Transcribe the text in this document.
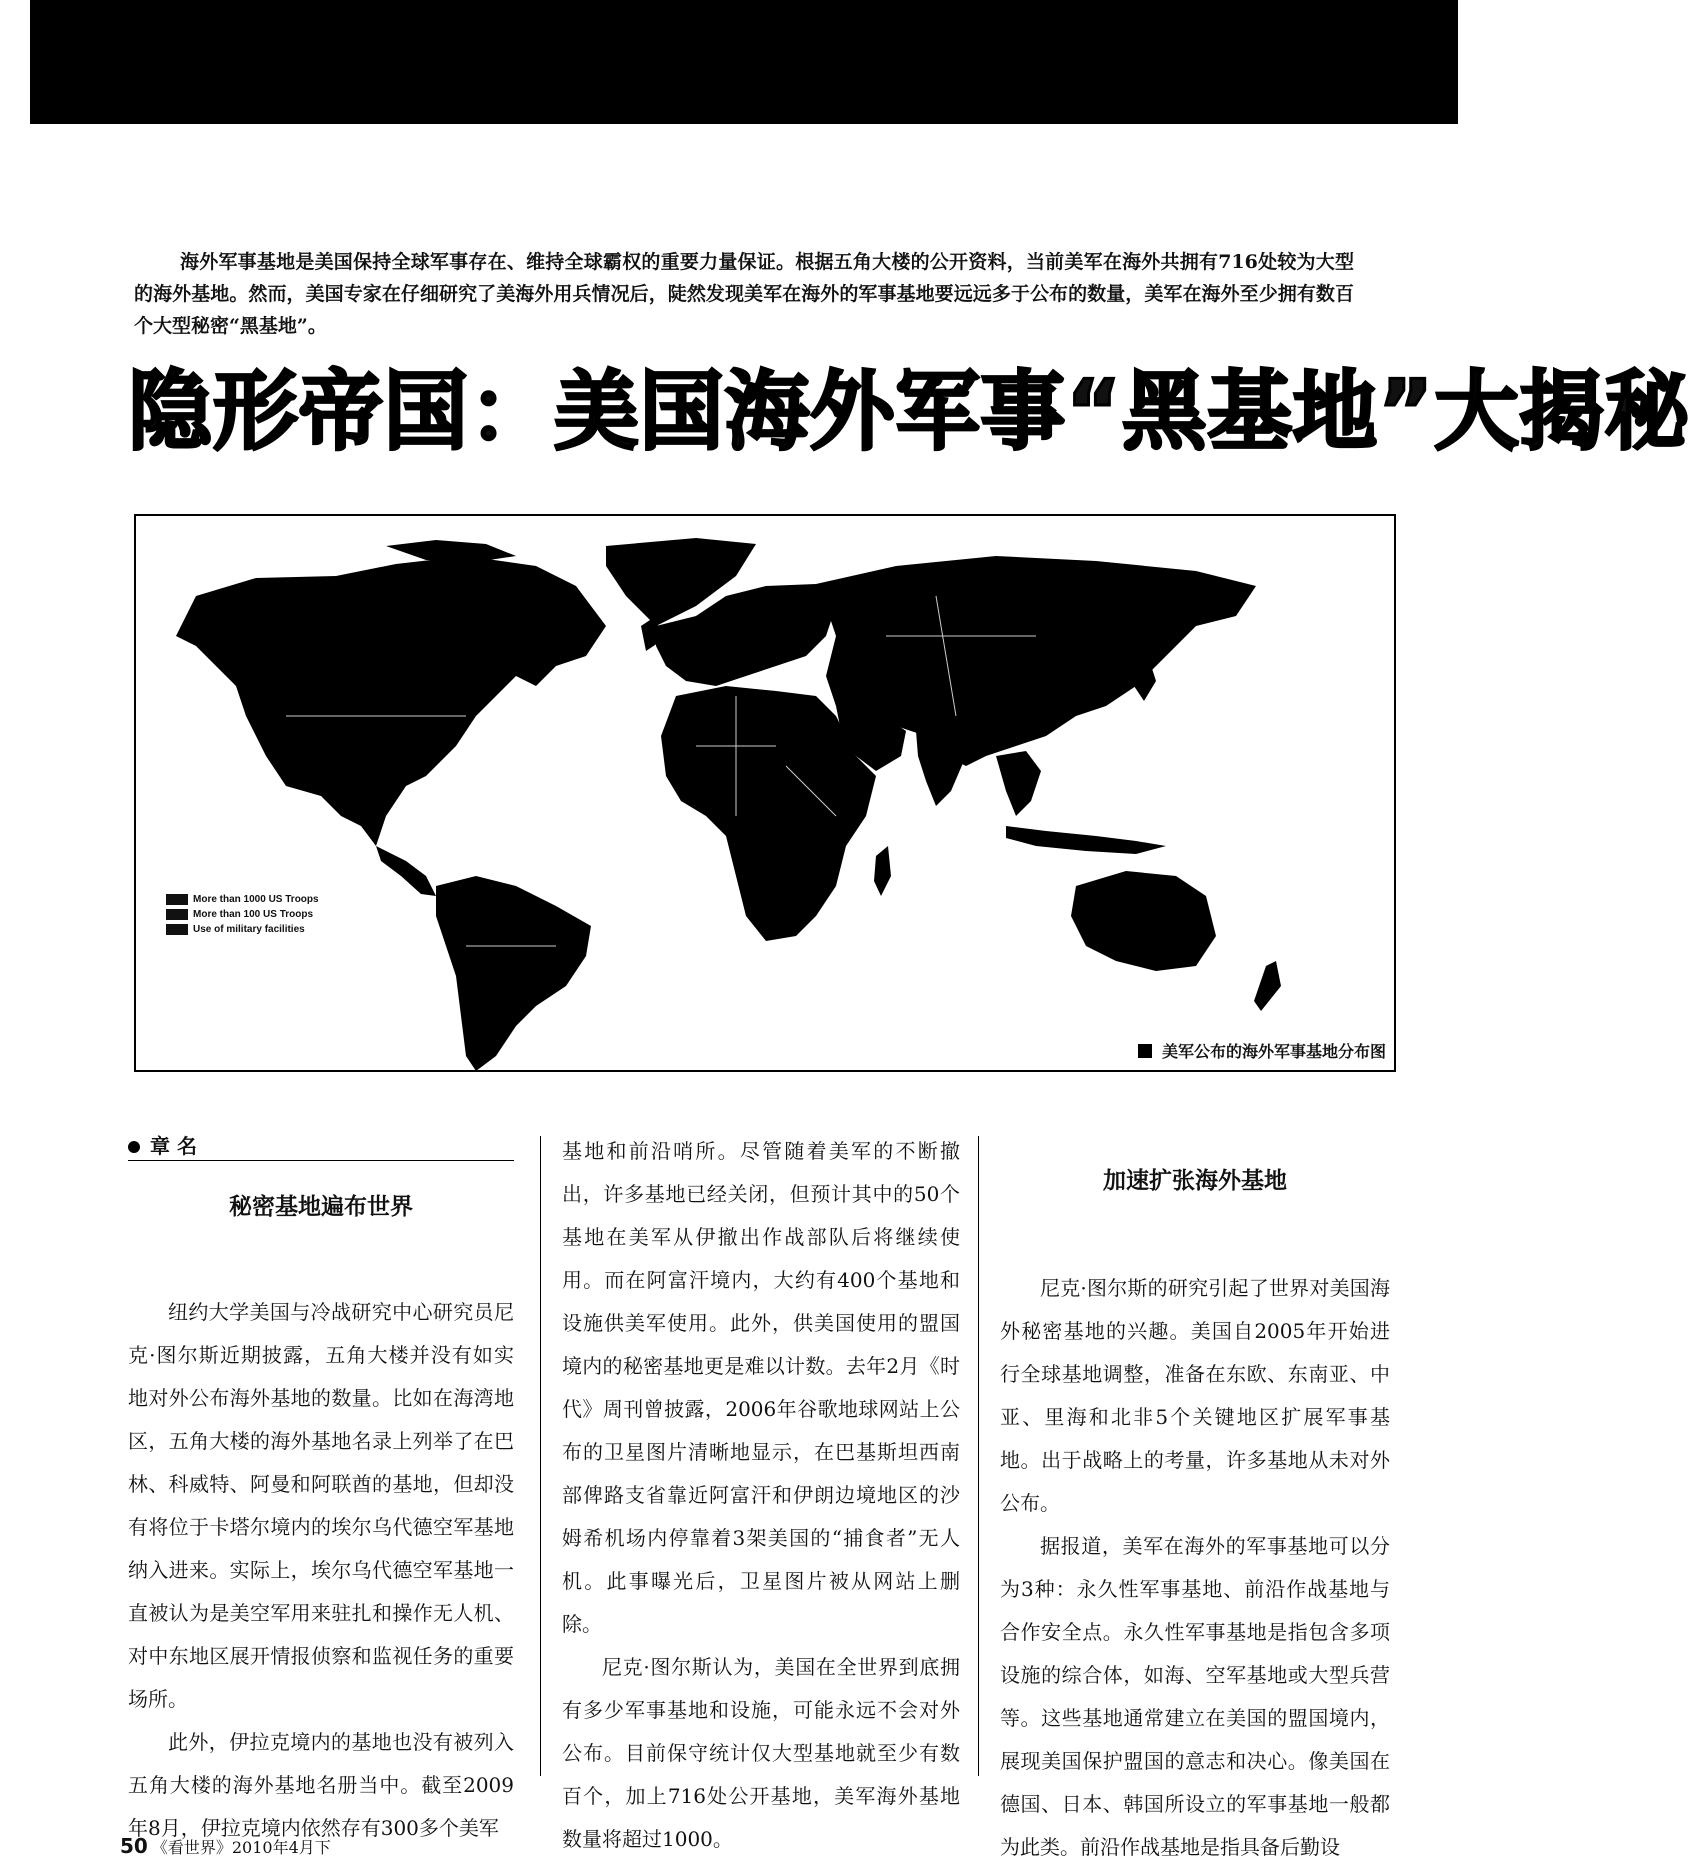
海外军事基地是美国保持全球军事存在、维持全球霸权的重要力量保证。根据五角大楼的公开资料，当前美军在海外共拥有716处较为大型的海外基地。然而，美国专家在仔细研究了美海外用兵情况后，陡然发现美军在海外的军事基地要远远多于公布的数量，美军在海外至少拥有数百个大型秘密“黑基地”。
隐形帝国：美国海外军事“黑基地”大揭秘
More than 1000 US Troops
More than 100 US Troops
Use of military facilities
美军公布的海外军事基地分布图
章 名
秘密基地遍布世界

纽约大学美国与冷战研究中心研究员尼克·图尔斯近期披露，五角大楼并没有如实地对外公布海外基地的数量。比如在海湾地区，五角大楼的海外基地名录上列举了在巴林、科威特、阿曼和阿联酋的基地，但却没有将位于卡塔尔境内的埃尔乌代德空军基地纳入进来。实际上，埃尔乌代德空军基地一直被认为是美空军用来驻扎和操作无人机、对中东地区展开情报侦察和监视任务的重要场所。

此外，伊拉克境内的基地也没有被列入五角大楼的海外基地名册当中。截至2009年8月，伊拉克境内依然存有300多个美军

基地和前沿哨所。尽管随着美军的不断撤出，许多基地已经关闭，但预计其中的50个基地在美军从伊撤出作战部队后将继续使用。而在阿富汗境内，大约有400个基地和设施供美军使用。此外，供美国使用的盟国境内的秘密基地更是难以计数。去年2月《时代》周刊曾披露，2006年谷歌地球网站上公布的卫星图片清晰地显示，在巴基斯坦西南部俾路支省靠近阿富汗和伊朗边境地区的沙姆希机场内停靠着3架美国的“捕食者”无人机。此事曝光后，卫星图片被从网站上删除。

尼克·图尔斯认为，美国在全世界到底拥有多少军事基地和设施，可能永远不会对外公布。目前保守统计仅大型基地就至少有数百个，加上716处公开基地，美军海外基地数量将超过1000。

加速扩张海外基地

尼克·图尔斯的研究引起了世界对美国海外秘密基地的兴趣。美国自2005年开始进行全球基地调整，准备在东欧、东南亚、中亚、里海和北非5个关键地区扩展军事基地。出于战略上的考量，许多基地从未对外公布。

据报道，美军在海外的军事基地可以分为3种：永久性军事基地、前沿作战基地与合作安全点。永久性军事基地是指包含多项设施的综合体，如海、空军基地或大型兵营等。这些基地通常建立在美国的盟国境内，展现美国保护盟国的意志和决心。像美国在德国、日本、韩国所设立的军事基地一般都为此类。前沿作战基地是指具备后勤设

50 《看世界》2010年4月下
